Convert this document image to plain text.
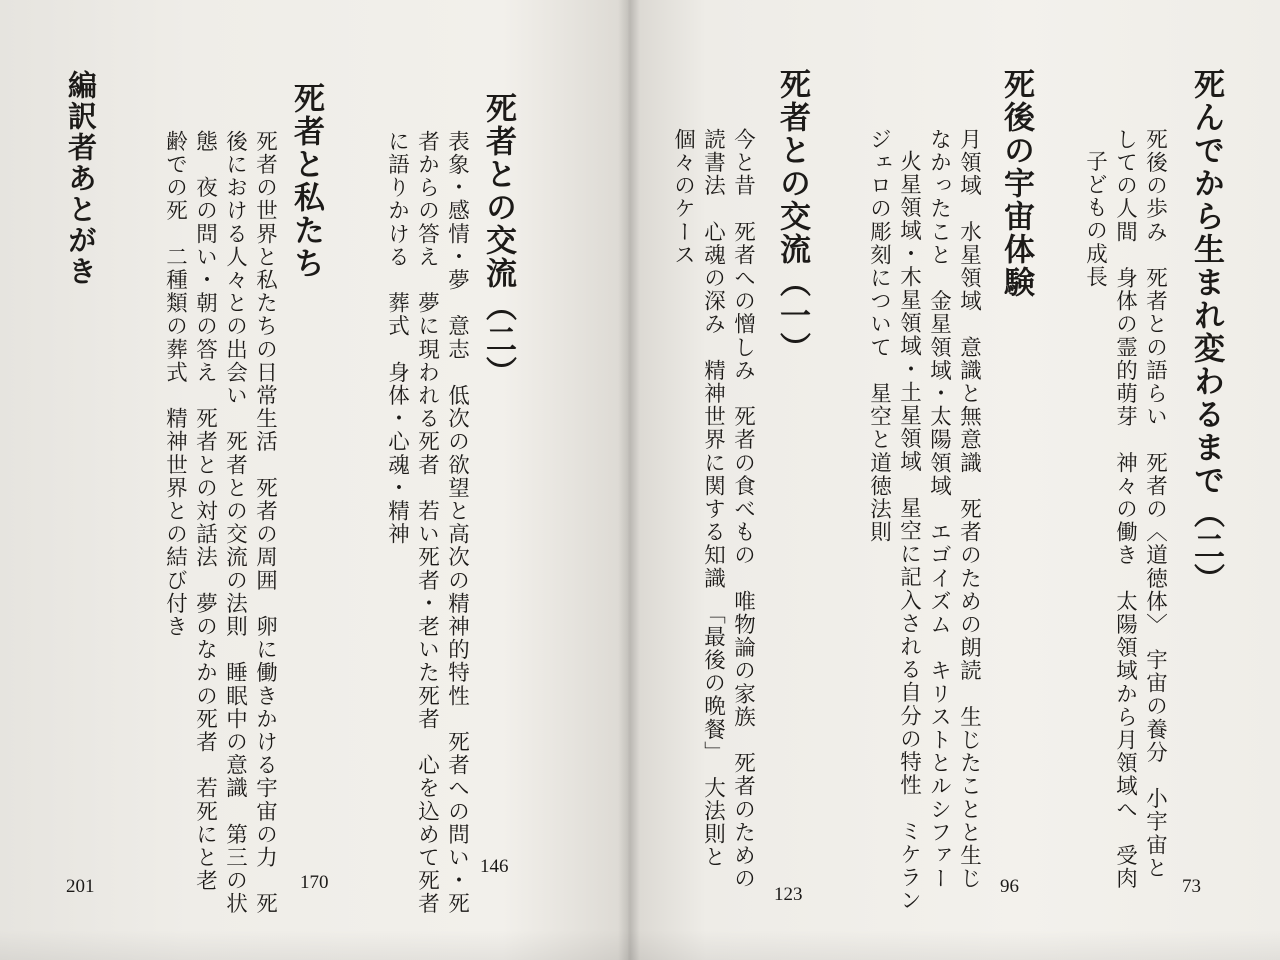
死んでから生まれ変わるまで（二）
死後の歩み　死者との語らい　死者の〈道徳体〉　宇宙の養分　小宇宙と
しての人間　身体の霊的萌芽　神々の働き　太陽領域から月領域へ　受肉
子どもの成長
73
死後の宇宙体験
月領域　水星領域　意識と無意識　死者のための朗読　生じたことと生じ
なかったこと　金星領域・太陽領域　エゴイズム　キリストとルシファー
火星領域・木星領域・土星領域　星空に記入される自分の特性　ミケラン
ジェロの彫刻について　星空と道徳法則
96
死者との交流（一）
今と昔　死者への憎しみ　死者の食べもの　唯物論の家族　死者のための
読書法　心魂の深み　精神世界に関する知識　「最後の晩餐」　大法則と
個々のケース
123
死者との交流（二）
表象・感情・夢　意志　低次の欲望と高次の精神的特性　死者への問い・死
者からの答え　夢に現われる死者　若い死者・老いた死者　心を込めて死者
に語りかける　葬式　身体・心魂・精神
146
死者と私たち
死者の世界と私たちの日常生活　死者の周囲　卵に働きかける宇宙の力　死
後における人々との出会い　死者との交流の法則　睡眠中の意識　第三の状
態　夜の問い・朝の答え　死者との対話法　夢のなかの死者　若死にと老
齢での死　二種類の葬式　精神世界との結び付き
170
編訳者あとがき
201
